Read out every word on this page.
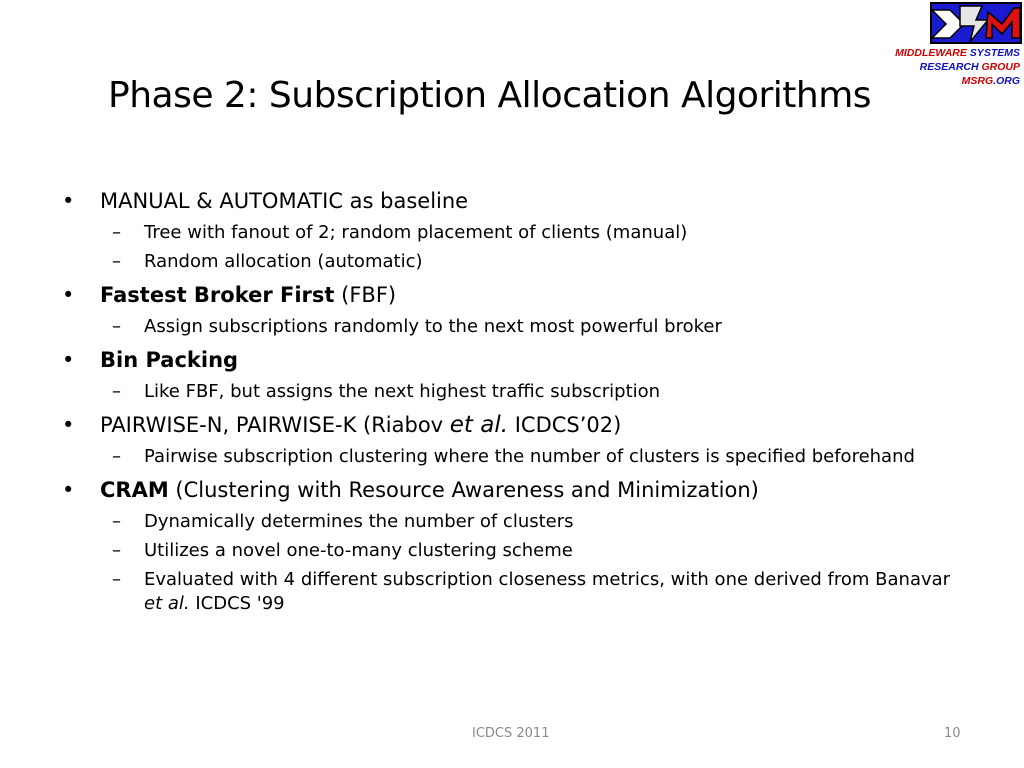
Phase 2: Subscription Allocation Algorithms
MIDDLEWARE SYSTEMS
RESEARCH GROUP
MSRG.ORG
• MANUAL & AUTOMATIC as baseline
– Tree with fanout of 2; random placement of clients (manual)
– Random allocation (automatic)
• Fastest Broker First (FBF)
– Assign subscriptions randomly to the next most powerful broker
• Bin Packing
– Like FBF, but assigns the next highest traffic subscription
• PAIRWISE-N, PAIRWISE-K (Riabov et al. ICDCS’02)
– Pairwise subscription clustering where the number of clusters is specified beforehand
• CRAM (Clustering with Resource Awareness and Minimization)
– Dynamically determines the number of clusters
– Utilizes a novel one-to-many clustering scheme
– Evaluated with 4 different subscription closeness metrics, with one derived from Banavar et al. ICDCS '99
ICDCS 2011	10
